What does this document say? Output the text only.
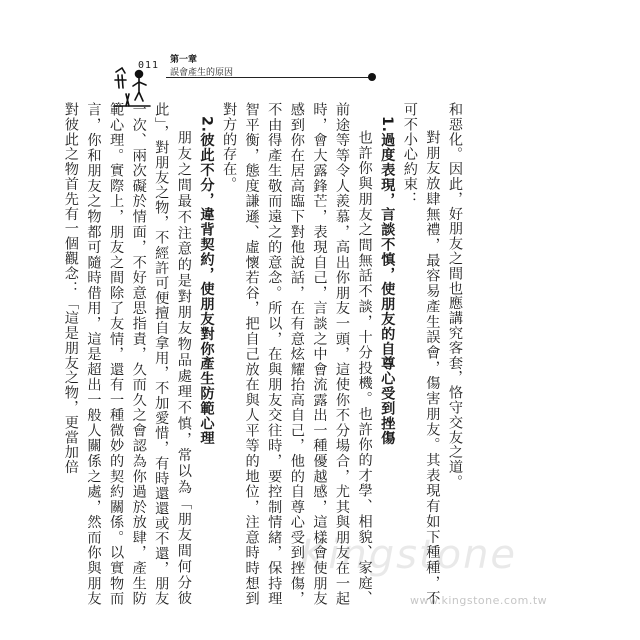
011 第一章
誤會產生的原因

和惡化。因此，好朋友之間也應講究客套，恪守交友之道。

對朋友放肆無禮，最容易產生誤會，傷害朋友。其表現有如下種種，不可不小心約束：

1.過度表現，言談不慎，使朋友的自尊心受到挫傷

也許你與朋友之間無話不談，十分投機。也許你的才學、相貌、家庭、前途等等令人羨慕，高出你朋友一頭，這使你不分場合，尤其與朋友在一起時，會大露鋒芒，表現自己，言談之中會流露出一種優越感，這樣會使朋友感到你在居高臨下對他說話，在有意炫耀抬高自己，他的自尊心受到挫傷，不由得產生敬而遠之的意念。所以，在與朋友交往時，要控制情緒，保持理智平衡，態度謙遜、虛懷若谷，把自己放在與人平等的地位，注意時時想到對方的存在。

2.彼此不分，違背契約，使朋友對你產生防範心理

朋友之間最不注意的是對朋友物品處理不慎，常以為「朋友間何分彼此」，對朋友之物，不經許可便擅自拿用，不加愛惜，有時還還或不還，朋友一次、兩次礙於情面，不好意思指責，久而久之會認為你過於放肆，產生防範心理。實際上，朋友之間除了友情，還有一種微妙的契約關係。以實物而言，你和朋友之物都可隨時借用，這是超出一般人關係之處，然而你與朋友對彼此之物首先有一個觀念：「這是朋友之物，更當加倍

Kingstone
www.kingstone.com.tw
